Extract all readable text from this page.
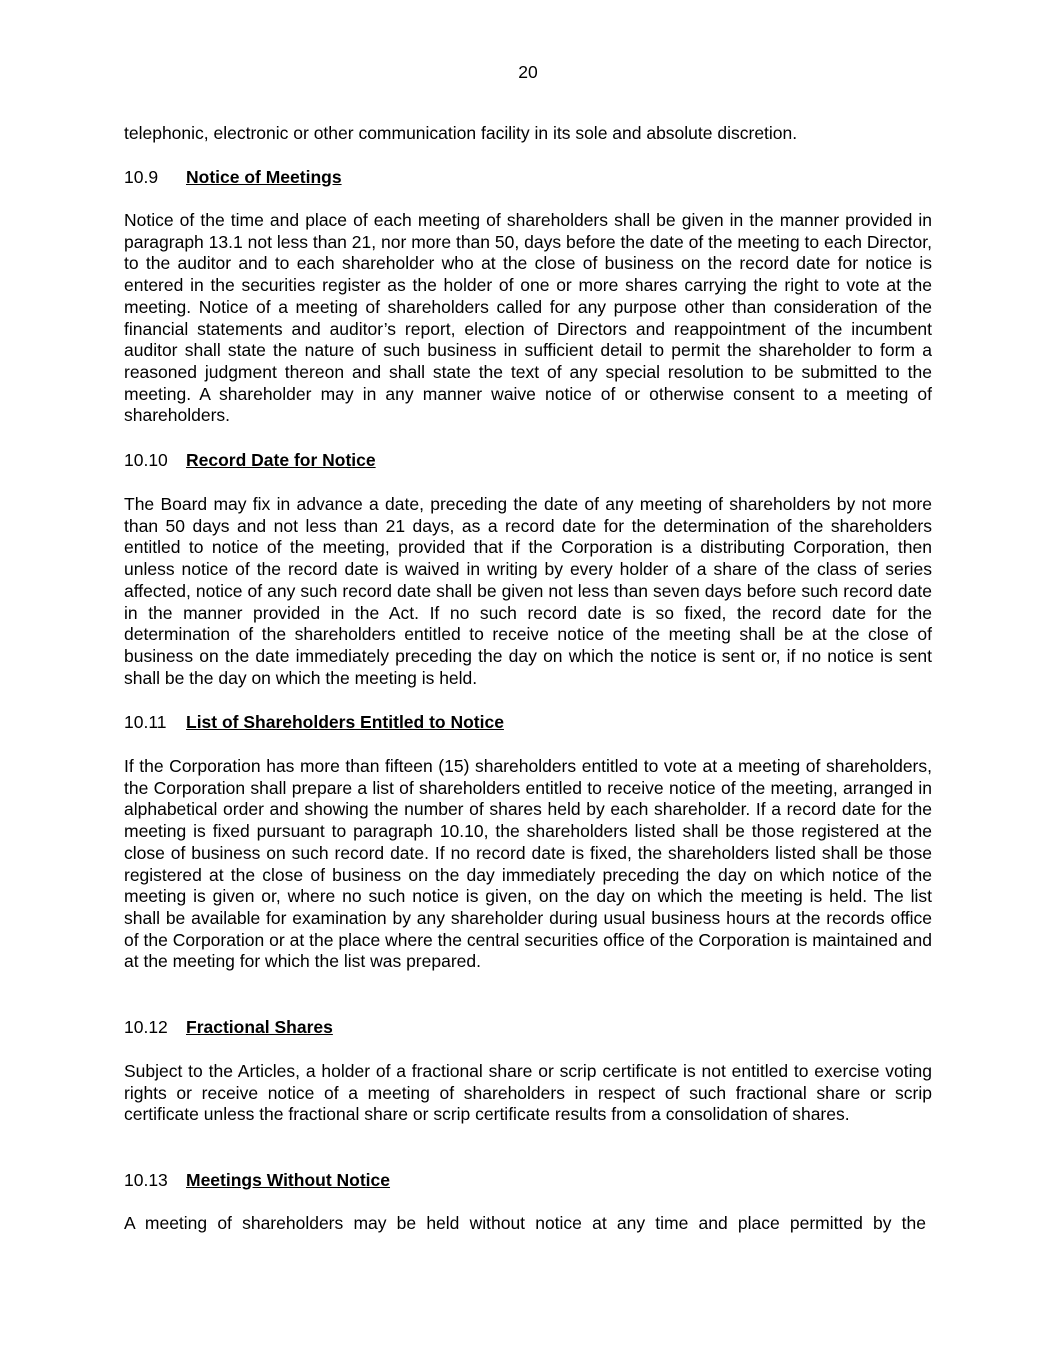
20

telephonic, electronic or other communication facility in its sole and absolute discretion.

10.9 Notice of Meetings

Notice of the time and place of each meeting of shareholders shall be given in the manner provided in paragraph 13.1 not less than 21, nor more than 50, days before the date of the meeting to each Director, to the auditor and to each shareholder who at the close of business on the record date for notice is entered in the securities register as the holder of one or more shares carrying the right to vote at the meeting. Notice of a meeting of shareholders called for any purpose other than consideration of the financial statements and auditor’s report, election of Directors and reappointment of the incumbent auditor shall state the nature of such business in sufficient detail to permit the shareholder to form a reasoned judgment thereon and shall state the text of any special resolution to be submitted to the meeting. A shareholder may in any manner waive notice of or otherwise consent to a meeting of shareholders.

10.10 Record Date for Notice

The Board may fix in advance a date, preceding the date of any meeting of shareholders by not more than 50 days and not less than 21 days, as a record date for the determination of the shareholders entitled to notice of the meeting, provided that if the Corporation is a distributing Corporation, then unless notice of the record date is waived in writing by every holder of a share of the class of series affected, notice of any such record date shall be given not less than seven days before such record date in the manner provided in the Act. If no such record date is so fixed, the record date for the determination of the shareholders entitled to receive notice of the meeting shall be at the close of business on the date immediately preceding the day on which the notice is sent or, if no notice is sent shall be the day on which the meeting is held.

10.11 List of Shareholders Entitled to Notice

If the Corporation has more than fifteen (15) shareholders entitled to vote at a meeting of shareholders, the Corporation shall prepare a list of shareholders entitled to receive notice of the meeting, arranged in alphabetical order and showing the number of shares held by each shareholder. If a record date for the meeting is fixed pursuant to paragraph 10.10, the shareholders listed shall be those registered at the close of business on such record date. If no record date is fixed, the shareholders listed shall be those registered at the close of business on the day immediately preceding the day on which notice of the meeting is given or, where no such notice is given, on the day on which the meeting is held. The list shall be available for examination by any shareholder during usual business hours at the records office of the Corporation or at the place where the central securities office of the Corporation is maintained and at the meeting for which the list was prepared.

10.12 Fractional Shares

Subject to the Articles, a holder of a fractional share or scrip certificate is not entitled to exercise voting rights or receive notice of a meeting of shareholders in respect of such fractional share or scrip certificate unless the fractional share or scrip certificate results from a consolidation of shares.

10.13 Meetings Without Notice

A meeting of shareholders may be held without notice at any time and place permitted by the
